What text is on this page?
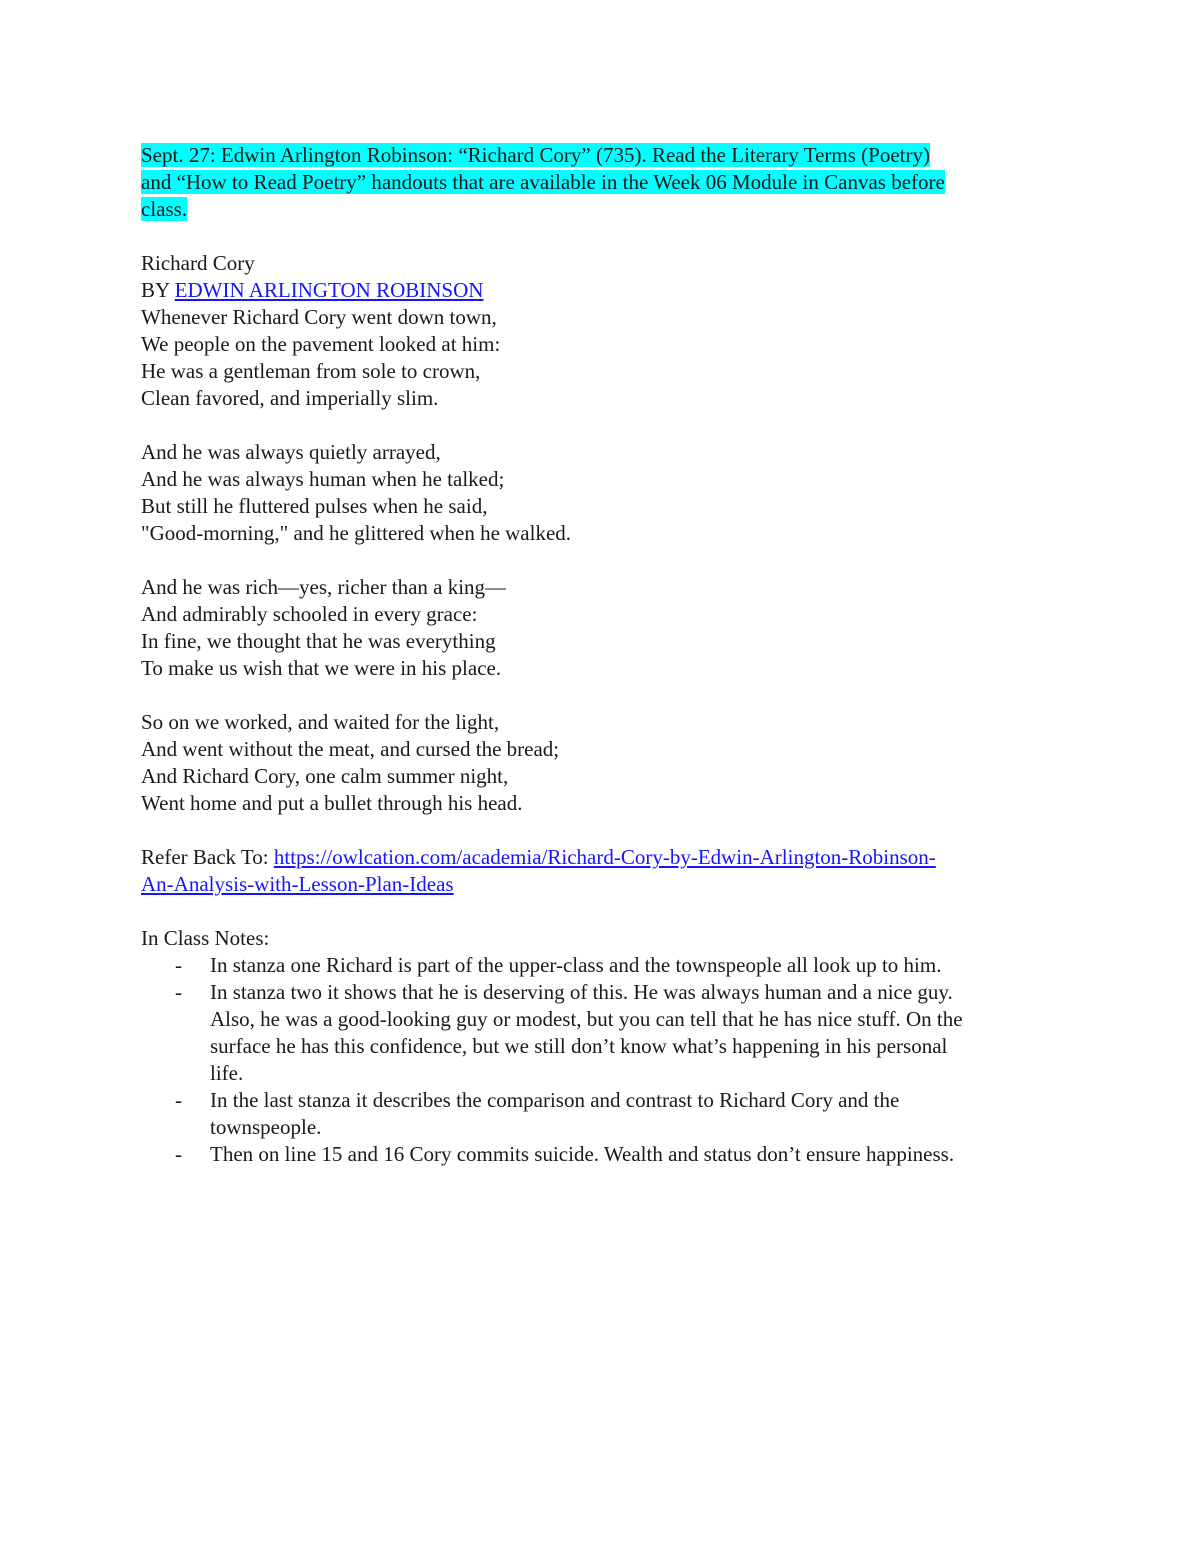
Sept. 27: Edwin Arlington Robinson: “Richard Cory” (735). Read the Literary Terms (Poetry)
and “How to Read Poetry” handouts that are available in the Week 06 Module in Canvas before
class.
Richard Cory
BY EDWIN ARLINGTON ROBINSON
Whenever Richard Cory went down town,
We people on the pavement looked at him:
He was a gentleman from sole to crown,
Clean favored, and imperially slim.
And he was always quietly arrayed,
And he was always human when he talked;
But still he fluttered pulses when he said,
"Good-morning," and he glittered when he walked.
And he was rich—yes, richer than a king—
And admirably schooled in every grace:
In fine, we thought that he was everything
To make us wish that we were in his place.
So on we worked, and waited for the light,
And went without the meat, and cursed the bread;
And Richard Cory, one calm summer night,
Went home and put a bullet through his head.
Refer Back To: https://owlcation.com/academia/Richard-Cory-by-Edwin-Arlington-Robinson-
An-Analysis-with-Lesson-Plan-Ideas
In Class Notes:
- In stanza one Richard is part of the upper-class and the townspeople all look up to him.
- In stanza two it shows that he is deserving of this. He was always human and a nice guy.
Also, he was a good-looking guy or modest, but you can tell that he has nice stuff. On the
surface he has this confidence, but we still don’t know what’s happening in his personal
life.
- In the last stanza it describes the comparison and contrast to Richard Cory and the
townspeople.
- Then on line 15 and 16 Cory commits suicide. Wealth and status don’t ensure happiness.
